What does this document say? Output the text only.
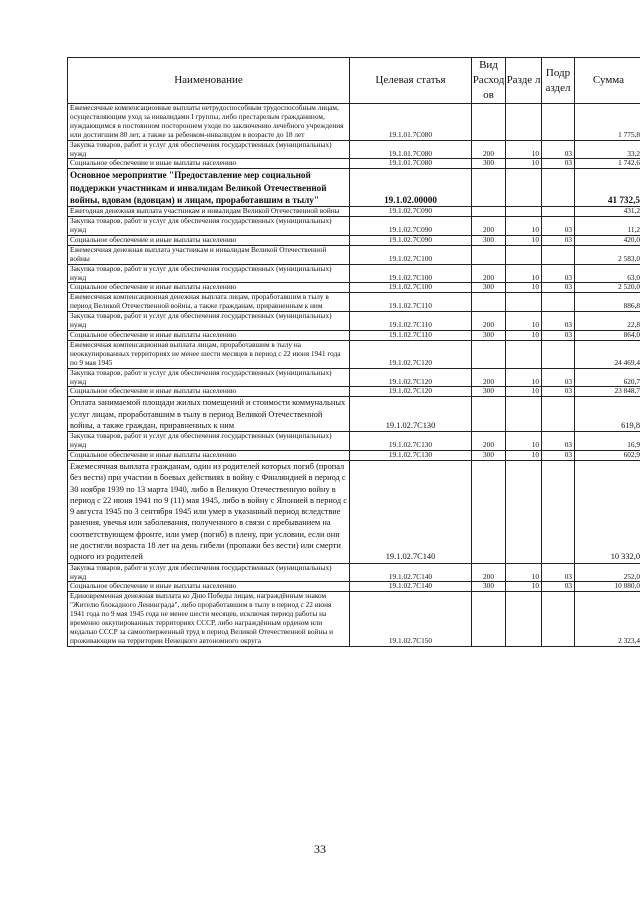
Наименование	Целевая статья	Вид Расход ов	Разде л	Подр аздел	Сумма
Ежемесячные компенсационные выплаты нетрудоспособным трудоспособным лицам, осуществляющим уход за инвалидами I группы, либо престарелым гражданином, нуждающимся в постоянном постороннем уходе по заключению лечебного учреждения или достигшим 80 лет, а также за ребенком-инвалидом в возрасте до 18 лет	19.1.01.7С080				1 775,8
Закупка товаров, работ и услуг для обеспечения государственных (муниципальных) нужд	19.1.01.7С080	200	10	03	33,2
Социальное обеспечение и иные выплаты населению	19.1.01.7С080	300	10	03	1 742,6
Основное мероприятие "Предоставление мер социальной поддержки участникам и инвалидам Великой Отечественной войны, вдовам (вдовцам) и лицам, проработавшим в тылу"	19.1.02.00000				41 732,5
Ежегодная денежная выплата участникам и инвалидам Великой Отечественной войны	19.1.02.7С090				431,2
Закупка товаров, работ и услуг для обеспечения государственных (муниципальных) нужд	19.1.02.7С090	200	10	03	11,2
Социальное обеспечение и иные выплаты населению	19.1.02.7С090	300	10	03	420,0
Ежемесячная денежная выплата участникам и инвалидам Великой Отечественной войны	19.1.02.7С100				2 583,0
Закупка товаров, работ и услуг для обеспечения государственных (муниципальных) нужд	19.1.02.7С100	200	10	03	63,0
Социальное обеспечение и иные выплаты населению	19.1.02.7С100	300	10	03	2 520,0
Ежемесячная компенсационная денежная выплата лицам, проработавшим в тылу в период Великой Отечественной войны, а также гражданам, приравненным к ним	19.1.02.7С110				886,8
Закупка товаров, работ и услуг для обеспечения государственных (муниципальных) нужд	19.1.02.7С110	200	10	03	22,8
Социальное обеспечение и иные выплаты населению	19.1.02.7С110	300	10	03	864,0
Ежемесячная компенсационная выплата лицам, проработавшим в тылу на неоккупированных территориях не менее шести месяцев в период с 22 июня 1941 года по 9 мая 1945	19.1.02.7С120				24 469,4
Закупка товаров, работ и услуг для обеспечения государственных (муниципальных) нужд	19.1.02.7С120	200	10	03	620,7
Социальное обеспечение и иные выплаты населению	19.1.02.7С120	300	10	03	23 848,7
Оплата занимаемой площади жилых помещений и стоимости коммунальных услуг лицам, проработавшим в тылу в период Великой Отечественной войны, а также граждан, приравненных к ним	19.1.02.7С130				619,8
Закупка товаров, работ и услуг для обеспечения государственных (муниципальных) нужд	19.1.02.7С130	200	10	03	16,9
Социальное обеспечение и иные выплаты населению	19.1.02.7С130	300	10	03	602,9
Ежемесячная выплата гражданам, один из родителей которых погиб (пропал без вести) при участии в боевых действиях в войну с Финляндией в период с 30 ноября 1939 по 13 марта 1940, либо в Великую Отечественную войну в период с 22 июня 1941 по 9 (11) мая 1945, либо в войну с Японией в период с 9 августа 1945 по 3 сентября 1945 или умер в указанный период вследствие ранения, увечья или заболевания, полученного в связи с пребыванием на соответствующем фронте, или умер (погиб) в плену, при условии, если они не достигли возраста 18 лет на день гибели (пропажи без вести) или смерти одного из родителей	19.1.02.7С140				10 332,0
Закупка товаров, работ и услуг для обеспечения государственных (муниципальных) нужд	19.1.02.7С140	200	10	03	252,0
Социальное обеспечение и иные выплаты населению	19.1.02.7С140	300	10	03	10 080,0
Единовременная денежная выплата ко Дню Победы лицам, награждённым знаком "Жителю блокадного Ленинграда", либо проработавшим в тылу в период с 22 июня 1941 года по 9 мая 1945 года не менее шести месяцев, исключая период работы на временно оккупированных территориях СССР, либо награждённым орденом или медалью СССР за самоотверженный труд в период Великой Отечественной войны и проживающим на территории Ненецкого автономного округа	19.1.02.7С150				2 323,4
33
